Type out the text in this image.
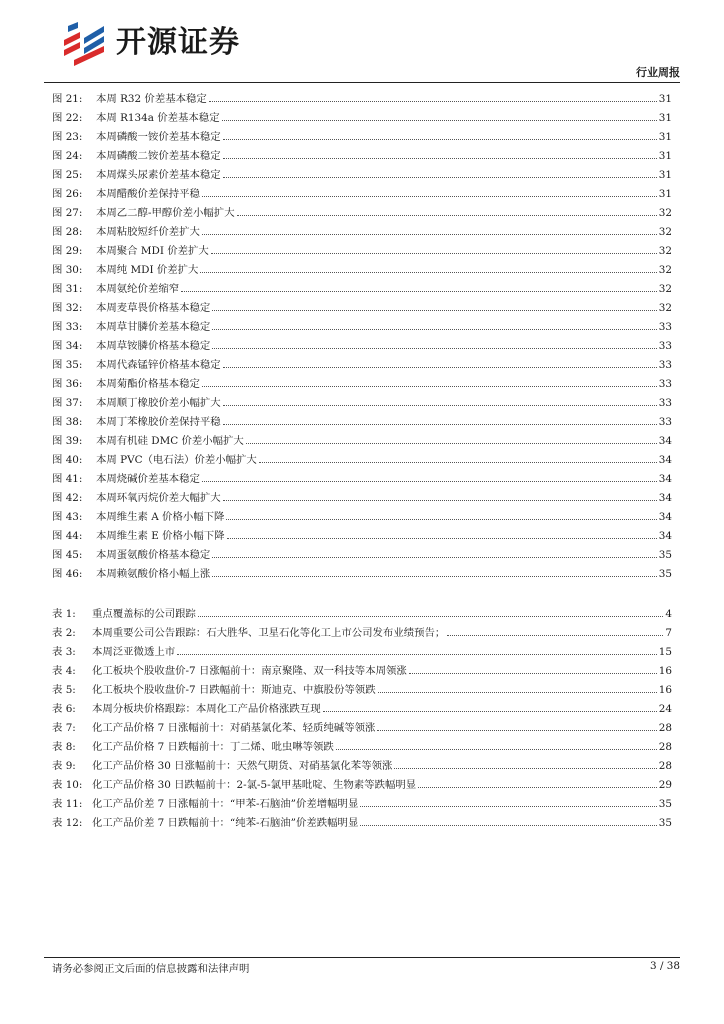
开源证券
行业周报
图 21:	本周 R32 价差基本稳定	31
图 22:	本周 R134a 价差基本稳定	31
图 23:	本周磷酸一铵价差基本稳定	31
图 24:	本周磷酸二铵价差基本稳定	31
图 25:	本周煤头尿素价差基本稳定	31
图 26:	本周醋酸价差保持平稳	31
图 27:	本周乙二醇-甲醇价差小幅扩大	32
图 28:	本周粘胶短纤价差扩大	32
图 29:	本周聚合 MDI 价差扩大	32
图 30:	本周纯 MDI 价差扩大	32
图 31:	本周氨纶价差缩窄	32
图 32:	本周麦草畏价格基本稳定	32
图 33:	本周草甘膦价差基本稳定	33
图 34:	本周草铵膦价格基本稳定	33
图 35:	本周代森锰锌价格基本稳定	33
图 36:	本周菊酯价格基本稳定	33
图 37:	本周顺丁橡胶价差小幅扩大	33
图 38:	本周丁苯橡胶价差保持平稳	33
图 39:	本周有机硅 DMC 价差小幅扩大	34
图 40:	本周 PVC（电石法）价差小幅扩大	34
图 41:	本周烧碱价差基本稳定	34
图 42:	本周环氧丙烷价差大幅扩大	34
图 43:	本周维生素 A 价格小幅下降	34
图 44:	本周维生素 E 价格小幅下降	34
图 45:	本周蛋氨酸价格基本稳定	35
图 46:	本周赖氨酸价格小幅上涨	35
表 1:	重点覆盖标的公司跟踪	4
表 2:	本周重要公司公告跟踪：石大胜华、卫星石化等化工上市公司发布业绩预告；	7
表 3:	本周泛亚微透上市	15
表 4:	化工板块个股收盘价-7 日涨幅前十：南京聚隆、双一科技等本周领涨	16
表 5:	化工板块个股收盘价-7 日跌幅前十：斯迪克、中旗股份等领跌	16
表 6:	本周分板块价格跟踪：本周化工产品价格涨跌互现	24
表 7:	化工产品价格 7 日涨幅前十：对硝基氯化苯、轻质纯碱等领涨	28
表 8:	化工产品价格 7 日跌幅前十：丁二烯、吡虫啉等领跌	28
表 9:	化工产品价格 30 日涨幅前十：天然气期货、对硝基氯化苯等领涨	28
表 10: 化工产品价格 30 日跌幅前十：2-氯-5-氯甲基吡啶、生物素等跌幅明显	29
表 11: 化工产品价差 7 日涨幅前十：“甲苯-石脑油”价差增幅明显	35
表 12: 化工产品价差 7 日跌幅前十：“纯苯-石脑油”价差跌幅明显	35
请务必参阅正文后面的信息披露和法律声明	3 / 38
